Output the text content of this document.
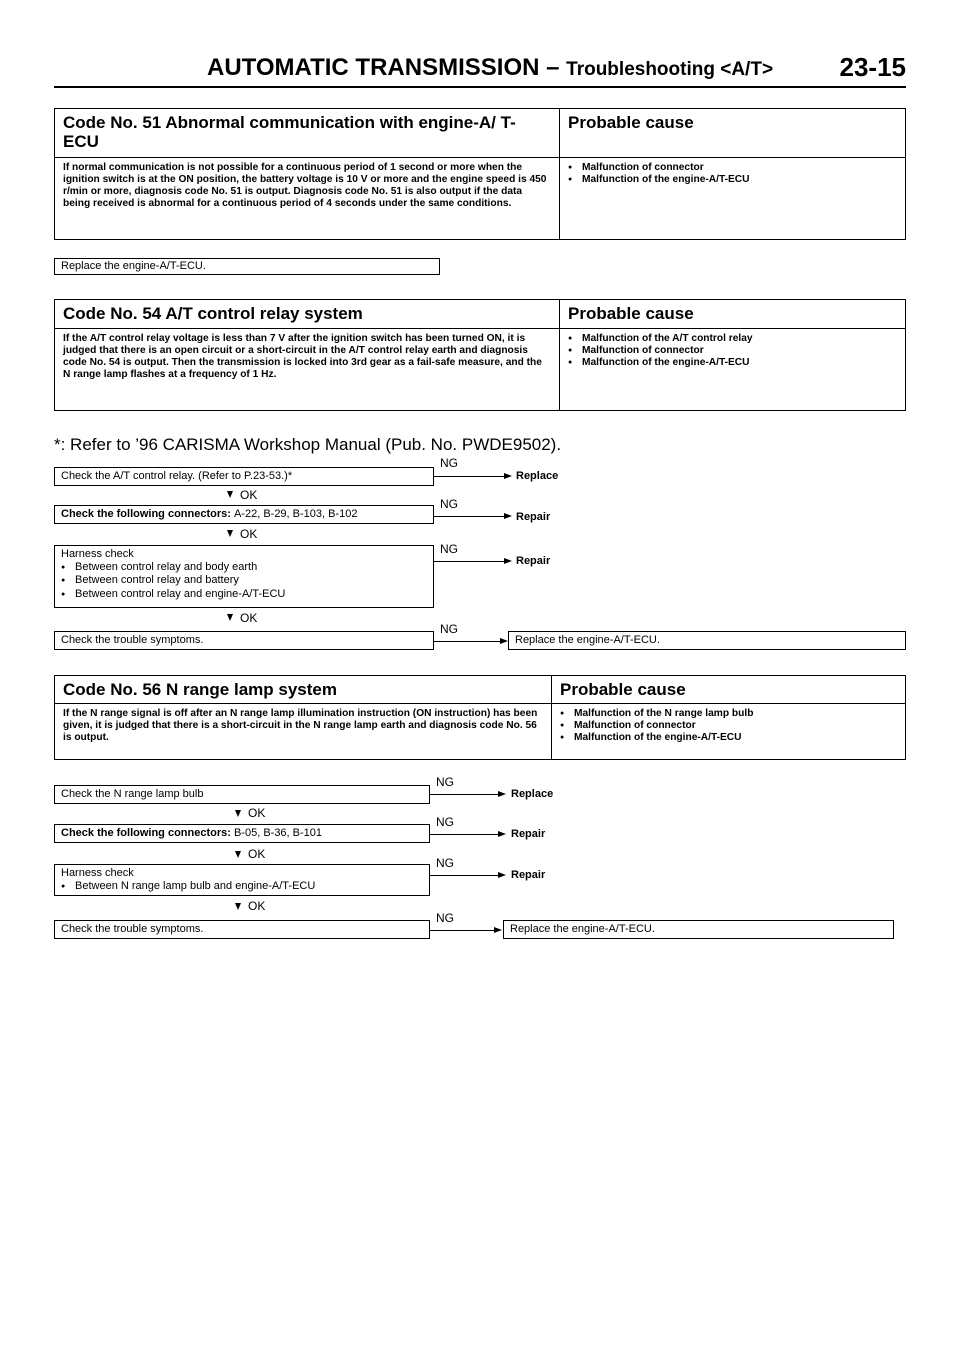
AUTOMATIC TRANSMISSION – Troubleshooting <A/T>	23-15
Code No. 51 Abnormal communication with engine-A/ T-ECU
Probable cause
If normal communication is not possible for a continuous period of 1 second or more when the ignition switch is at the ON position, the battery voltage is 10 V or more and the engine speed is 450 r/min or more, diagnosis code No. 51 is output. Diagnosis code No. 51 is also output if the data being received is abnormal for a continuous period of 4 seconds under the same conditions.
● Malfunction of connector
● Malfunction of the engine-A/T-ECU
Replace the engine-A/T-ECU.
Code No. 54 A/T control relay system	Probable cause
If the A/T control relay voltage is less than 7 V after the ignition switch has been turned ON, it is judged that there is an open circuit or a short-circuit in the A/T control relay earth and diagnosis code No. 54 is output. Then the transmission is locked into 3rd gear as a fail-safe measure, and the N range lamp flashes at a frequency of 1 Hz.
● Malfunction of the A/T control relay
● Malfunction of connector
● Malfunction of the engine-A/T-ECU
*: Refer to ’96 CARISMA Workshop Manual (Pub. No. PWDE9502).
Check the A/T control relay. (Refer to P.23-53.)*
NG
Replace
OK
Check the following connectors: A-22, B-29, B-103, B-102
NG
Repair
OK
Harness check
● Between control relay and body earth
● Between control relay and battery
● Between control relay and engine-A/T-ECU
NG
Repair
OK
Check the trouble symptoms.
NG
Replace the engine-A/T-ECU.
Code No. 56 N range lamp system	Probable cause
If the N range signal is off after an N range lamp illumination instruction (ON instruction) has been given, it is judged that there is a short-circuit in the N range lamp earth and diagnosis code No. 56 is output.
● Malfunction of the N range lamp bulb
● Malfunction of connector
● Malfunction of the engine-A/T-ECU
Check the N range lamp bulb
NG
Replace
OK
Check the following connectors: B-05, B-36, B-101
NG
Repair
OK
Harness check
● Between N range lamp bulb and engine-A/T-ECU
NG
Repair
OK
Check the trouble symptoms.
NG
Replace the engine-A/T-ECU.
